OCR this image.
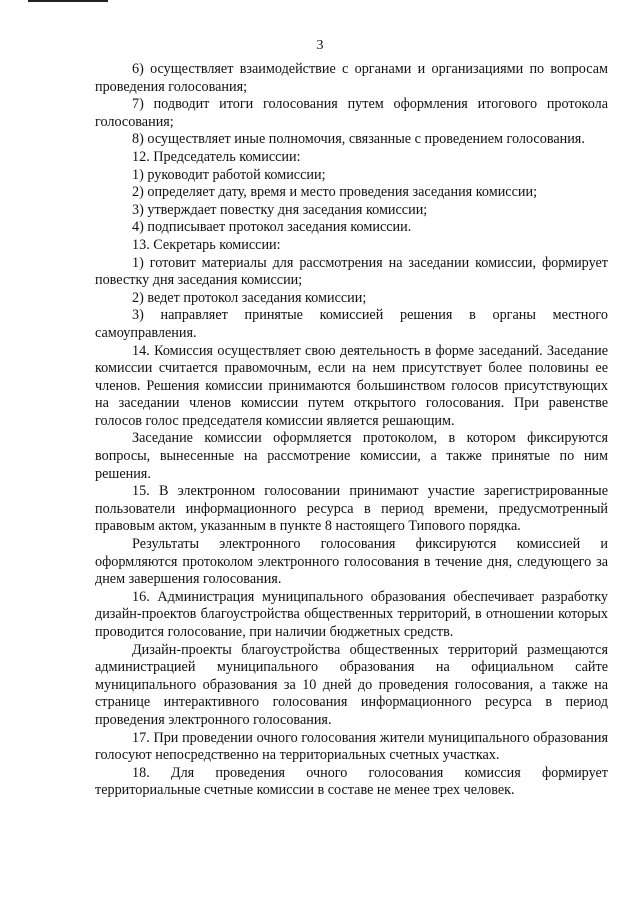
3

6) осуществляет взаимодействие с органами и организациями по вопросам проведения голосования;

7) подводит итоги голосования путем оформления итогового протокола голосования;

8) осуществляет иные полномочия, связанные с проведением голосования.

12. Председатель комиссии:

1) руководит работой комиссии;

2) определяет дату, время и место проведения заседания комиссии;

3) утверждает повестку дня заседания комиссии;

4) подписывает протокол заседания комиссии.

13. Секретарь комиссии:

1) готовит материалы для рассмотрения на заседании комиссии, формирует повестку дня заседания комиссии;

2) ведет протокол заседания комиссии;

3) направляет принятые комиссией решения в органы местного самоуправления.

14. Комиссия осуществляет свою деятельность в форме заседаний. Заседание комиссии считается правомочным, если на нем присутствует более половины ее членов. Решения комиссии принимаются большинством голосов присутствующих на заседании членов комиссии путем открытого голосования. При равенстве голосов голос председателя комиссии является решающим.

Заседание комиссии оформляется протоколом, в котором фиксируются вопросы, вынесенные на рассмотрение комиссии, а также принятые по ним решения.

15. В электронном голосовании принимают участие зарегистрированные пользователи информационного ресурса в период времени, предусмотренный правовым актом, указанным в пункте 8 настоящего Типового порядка.

Результаты электронного голосования фиксируются комиссией и оформляются протоколом электронного голосования в течение дня, следующего за днем завершения голосования.

16. Администрация муниципального образования обеспечивает разработку дизайн-проектов благоустройства общественных территорий, в отношении которых проводится голосование, при наличии бюджетных средств.

Дизайн-проекты благоустройства общественных территорий размещаются администрацией муниципального образования на официальном сайте муниципального образования за 10 дней до проведения голосования, а также на странице интерактивного голосования информационного ресурса в период проведения электронного голосования.

17. При проведении очного голосования жители муниципального образования голосуют непосредственно на территориальных счетных участках.

18. Для проведения очного голосования комиссия формирует территориальные счетные комиссии в составе не менее трех человек.
